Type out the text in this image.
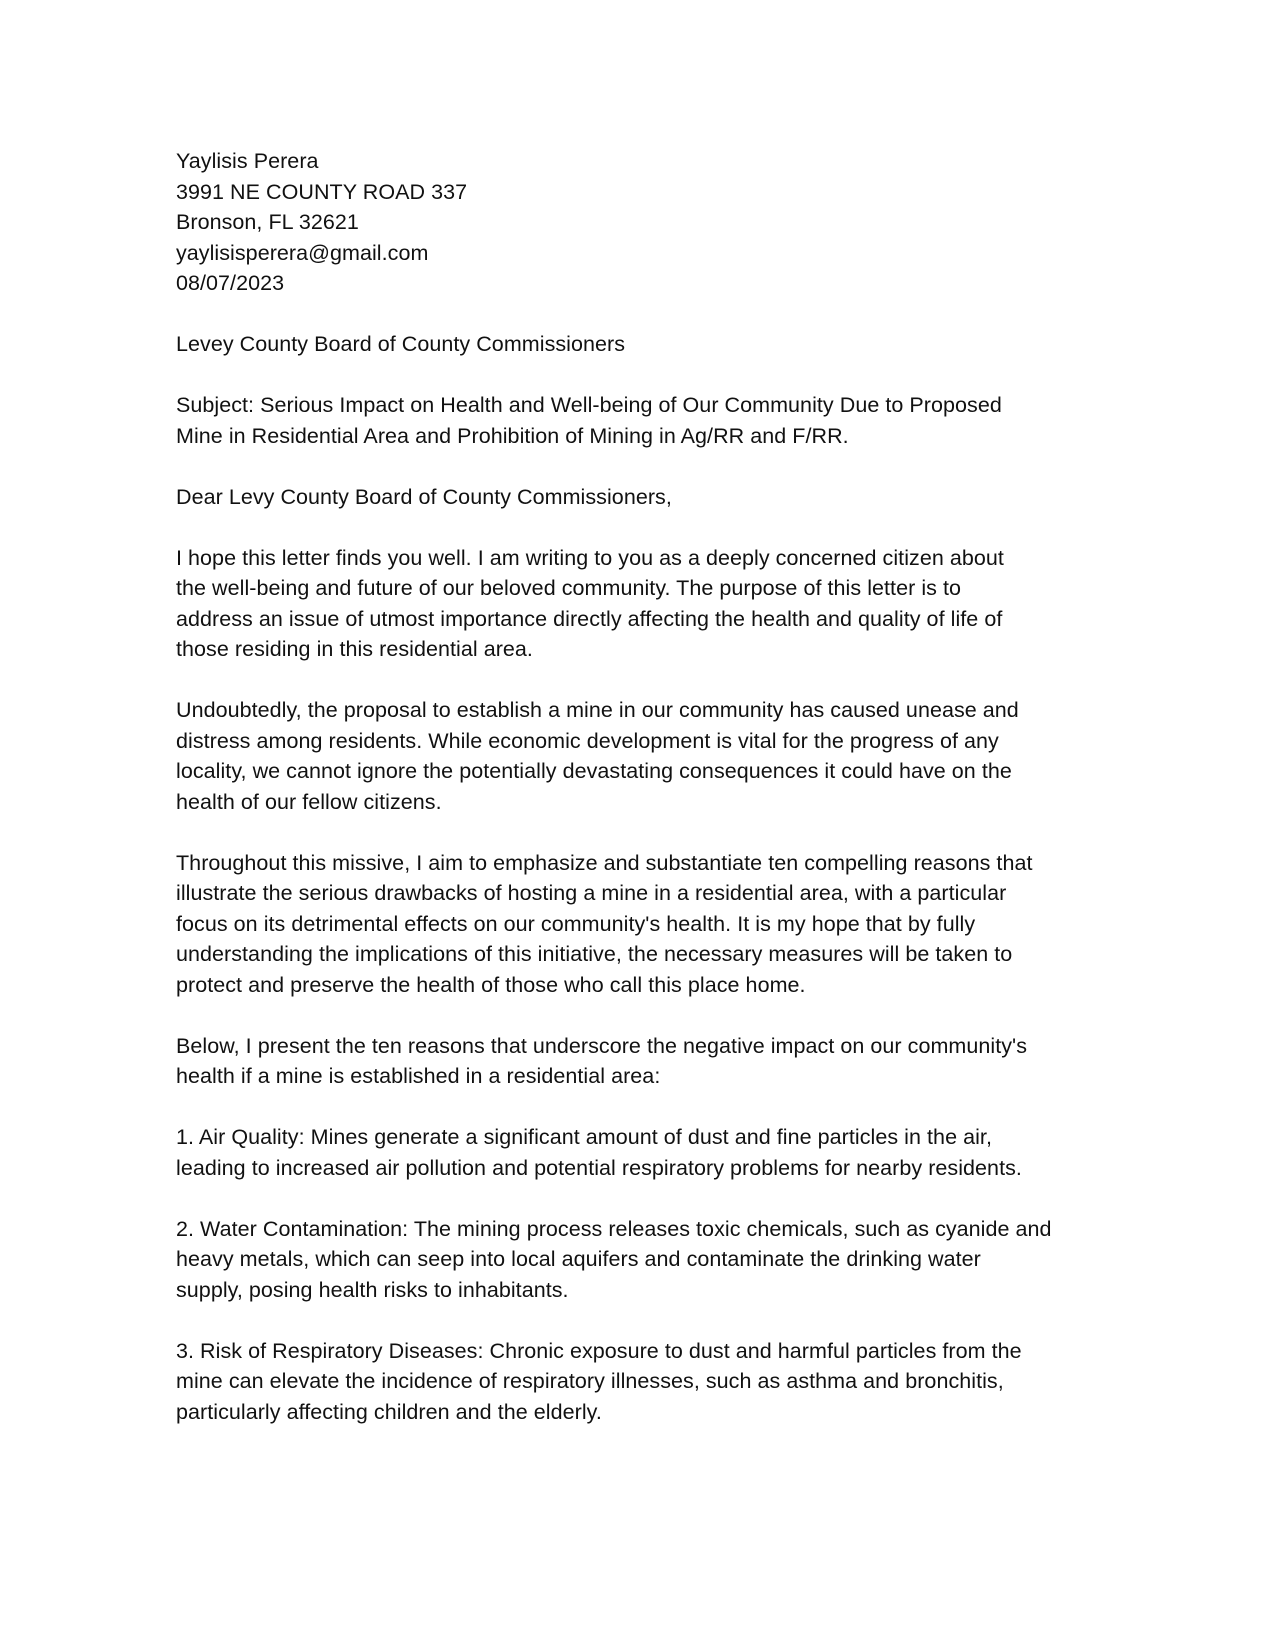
Yaylisis Perera
3991 NE COUNTY ROAD 337
Bronson, FL 32621
yaylisisperera@gmail.com
08/07/2023
Levey County Board of County Commissioners
Subject: Serious Impact on Health and Well-being of Our Community Due to Proposed
Mine in Residential Area and Prohibition of Mining in Ag/RR and F/RR.
Dear Levy County Board of County Commissioners,
I hope this letter finds you well. I am writing to you as a deeply concerned citizen about
the well-being and future of our beloved community. The purpose of this letter is to
address an issue of utmost importance directly affecting the health and quality of life of
those residing in this residential area.
Undoubtedly, the proposal to establish a mine in our community has caused unease and
distress among residents. While economic development is vital for the progress of any
locality, we cannot ignore the potentially devastating consequences it could have on the
health of our fellow citizens.
Throughout this missive, I aim to emphasize and substantiate ten compelling reasons that
illustrate the serious drawbacks of hosting a mine in a residential area, with a particular
focus on its detrimental effects on our community's health. It is my hope that by fully
understanding the implications of this initiative, the necessary measures will be taken to
protect and preserve the health of those who call this place home.
Below, I present the ten reasons that underscore the negative impact on our community's
health if a mine is established in a residential area:
1. Air Quality: Mines generate a significant amount of dust and fine particles in the air,
leading to increased air pollution and potential respiratory problems for nearby residents.
2. Water Contamination: The mining process releases toxic chemicals, such as cyanide and
heavy metals, which can seep into local aquifers and contaminate the drinking water
supply, posing health risks to inhabitants.
3. Risk of Respiratory Diseases: Chronic exposure to dust and harmful particles from the
mine can elevate the incidence of respiratory illnesses, such as asthma and bronchitis,
particularly affecting children and the elderly.
